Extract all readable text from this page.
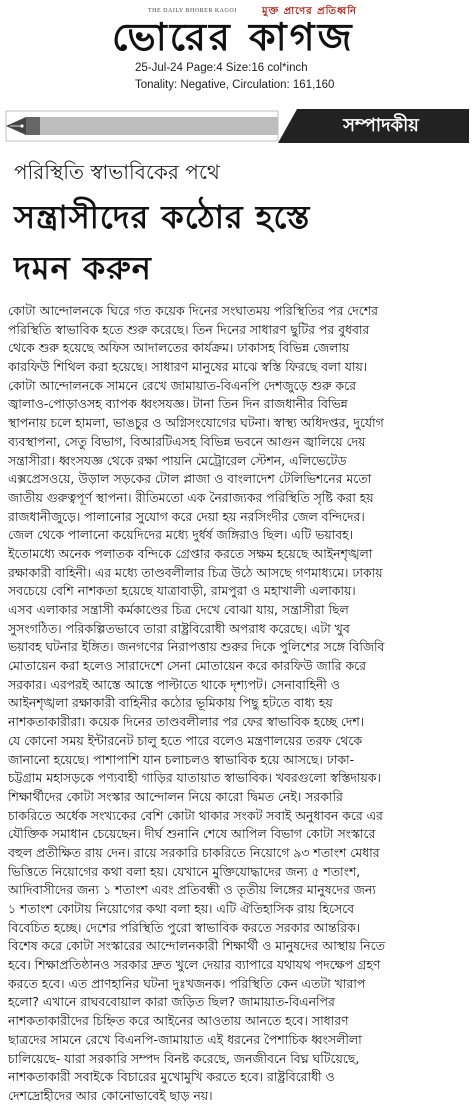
মুক্ত প্রাণের প্রতিধ্বনি
THE DAILY BHORER KAGOJ
ভোরের কাগজ
25-Jul-24 Page:4 Size:16 col*inch
Tonality: Negative, Circulation: 161,160
সম্পাদকীয়
পরিস্থিতি স্বাভাবিকের পথে
সন্ত্রাসীদের কঠোর হস্তে
দমন করুন
কোটা আন্দোলনকে ঘিরে গত কয়েক দিনের সংঘাতময় পরিস্থিতির পর দেশের
পরিস্থিতি স্বাভাবিক হতে শুরু করেছে। তিন দিনের সাধারণ ছুটির পর বুধবার
থেকে শুরু হয়েছে অফিস আদালতের কার্যক্রম। ঢাকাসহ বিভিন্ন জেলায়
কারফিউ শিথিল করা হয়েছে। সাধারণ মানুষের মাঝে স্বস্তি ফিরছে বলা যায়।
কোটা আন্দোলনকে সামনে রেখে জামায়াত-বিএনপি দেশজুড়ে শুরু করে
জ্বালাও-পোড়াওসহ ব্যাপক ধ্বংসযজ্ঞ। টানা তিন দিন রাজধানীর বিভিন্ন
স্থাপনায় চলে হামলা, ভাঙচুর ও অগ্নিসংযোগের ঘটনা। স্বাস্থ্য অধিদপ্তর, দুর্যোগ
ব্যবস্থাপনা, সেতু বিভাগ, বিআরটিএসহ বিভিন্ন ভবনে আগুন জ্বালিয়ে দেয়
সন্ত্রাসীরা। ধ্বংসযজ্ঞ থেকে রক্ষা পায়নি মেট্রোরেল স্টেশন, এলিভেটেড
এক্সপ্রেসওয়ে, উড়াল সড়কের টোল প্লাজা ও বাংলাদেশ টেলিভিশনের মতো
জাতীয় গুরুত্বপূর্ণ স্থাপনা। রীতিমতো এক নৈরাজ্যকর পরিস্থিতি সৃষ্টি করা হয়
রাজধানীজুড়ে। পালানোর সুযোগ করে দেয়া হয় নরসিংদীর জেল বন্দিদের।
জেল থেকে পালানো কয়েদিদের মধ্যে দুর্ধর্ষ জঙ্গিরাও ছিল। এটি ভয়াবহ।
ইতোমধ্যে অনেক পলাতক বন্দিকে গ্রেপ্তার করতে সক্ষম হয়েছে আইনশৃঙ্খলা
রক্ষাকারী বাহিনী। এর মধ্যে তাণ্ডবলীলার চিত্র উঠে আসছে গণমাধ্যমে। ঢাকায়
সবচেয়ে বেশি নাশকতা হয়েছে যাত্রাবাড়ী, রামপুরা ও মহাখালী এলাকায়।
এসব এলাকার সন্ত্রাসী কর্মকাণ্ডের চিত্র দেখে বোঝা যায়, সন্ত্রাসীরা ছিল
সুসংগঠিত। পরিকল্পিতভাবে তারা রাষ্ট্রবিরোধী অপরাধ করেছে। এটা খুব
ভয়াবহ ঘটনার ইঙ্গিত। জনগণের নিরাপত্তায় শুরুর দিকে পুলিশের সঙ্গে বিজিবি
মোতায়েন করা হলেও সারাদেশে সেনা মোতায়েন করে কারফিউ জারি করে
সরকার। এরপরই আস্তে আস্তে পাল্টাতে থাকে দৃশ্যপট। সেনাবাহিনী ও
আইনশৃঙ্খলা রক্ষাকারী বাহিনীর কঠোর ভূমিকায় পিছু হটতে বাধ্য হয়
নাশকতাকারীরা। কয়েক দিনের তাণ্ডবলীলার পর ফের স্বাভাবিক হচ্ছে দেশ।
যে কোনো সময় ইন্টারনেট চালু হতে পারে বলেও মন্ত্রণালয়ের তরফ থেকে
জানানো হয়েছে। পাশাপাশি যান চলাচলও স্বাভাবিক হয়ে আসছে। ঢাকা-
চট্টগ্রাম মহাসড়কে পণ্যবাহী গাড়ির যাতায়াত স্বাভাবিক। খবরগুলো স্বস্তিদায়ক।
শিক্ষার্থীদের কোটা সংস্কার আন্দোলন নিয়ে কারো দ্বিমত নেই। সরকারি
চাকরিতে অর্ধেক সংখ্যকের বেশি কোটা থাকার সংকট সবাই অনুধাবন করে এর
যৌক্তিক সমাধান চেয়েছেন। দীর্ঘ শুনানি শেষে আপিল বিভাগ কোটা সংস্কারে
বহুল প্রতীক্ষিত রায় দেন। রায়ে সরকারি চাকরিতে নিয়োগে ৯৩ শতাংশ মেধার
ভিত্তিতে নিয়োগের কথা বলা হয়। যেখানে মুক্তিযোদ্ধাদের জন্য ৫ শতাংশ,
আদিবাসীদের জন্য ১ শতাংশ এবং প্রতিবন্ধী ও তৃতীয় লিঙ্গের মানুষদের জন্য
১ শতাংশ কোটায় নিয়োগের কথা বলা হয়। এটি ঐতিহাসিক রায় হিসেবে
বিবেচিত হচ্ছে। দেশের পরিস্থিতি পুরো স্বাভাবিক করতে সরকার আন্তরিক।
বিশেষ করে কোটা সংস্কারের আন্দোলনকারী শিক্ষার্থী ও মানুষদের আস্থায় নিতে
হবে। শিক্ষাপ্রতিষ্ঠানও সরকার দ্রুত খুলে দেয়ার ব্যাপারে যথাযথ পদক্ষেপ গ্রহণ
করতে হবে। এত প্রাণহানির ঘটনা দুঃখজনক। পরিস্থিতি কেন এতটা খারাপ
হলো? এখানে রাঘববোয়াল কারা জড়িত ছিল? জামায়াত-বিএনপির
নাশকতাকারীদের চিহ্নিত করে আইনের আওতায় আনতে হবে। সাধারণ
ছাত্রদের সামনে রেখে বিএনপি-জামায়াত এই ধরনের পৈশাচিক ধ্বংসলীলা
চালিয়েছে- যারা সরকারি সম্পদ বিনষ্ট করেছে, জনজীবনে বিঘ্ন ঘটিয়েছে,
নাশকতাকারী সবাইকে বিচারের মুখোমুখি করতে হবে। রাষ্ট্রবিরোধী ও
দেশদ্রোহীদের আর কোনোভাবেই ছাড় নয়।
